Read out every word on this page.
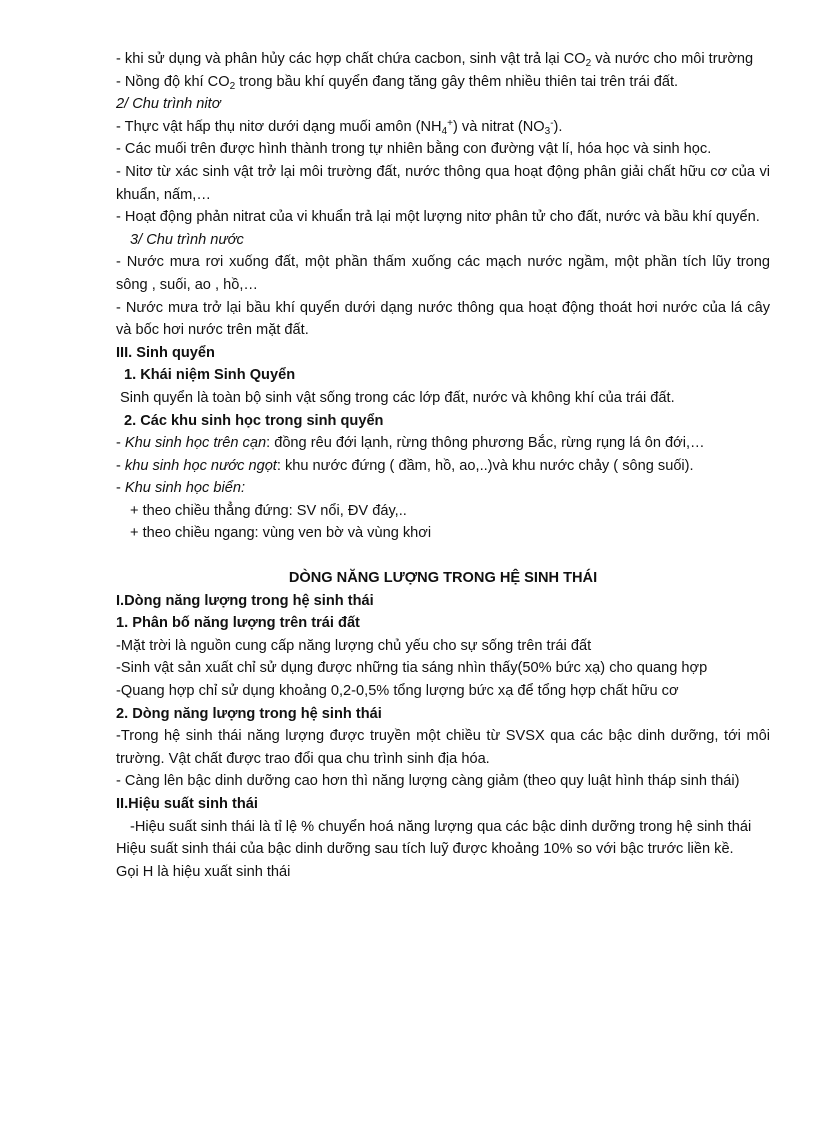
- khi sử dụng và phân hủy các hợp chất chứa cacbon, sinh vật trả lại $CO_2$ và nước cho môi trường

- Nồng độ khí $CO_2$ trong bầu khí quyển đang tăng gây thêm nhiều thiên tai trên trái đất.

2/ Chu trình nitơ

- Thực vật hấp thụ nitơ dưới dạng muối amôn $(NH_4^+)$ và nitrat $(NO_3^-)$.

- Các muối trên được hình thành trong tự nhiên bằng con đường vật lí, hóa học và sinh học.

- Nitơ từ xác sinh vật trở lại môi trường đất, nước thông qua hoạt động phân giải chất hữu cơ của vi khuẩn, nấm,…

- Hoạt động phản nitrat của vi khuẩn trả lại một lượng nitơ phân tử cho đất, nước và bầu khí quyển.

3/ Chu trình nước

- Nước mưa rơi xuống đất, một phần thấm xuống các mạch nước ngầm, một phần tích lũy trong sông , suối, ao , hồ,…

- Nước mưa trở lại bầu khí quyển dưới dạng nước thông qua hoạt động thoát hơi nước của lá cây và bốc hơi nước trên mặt đất.

III. Sinh quyển

1. Khái niệm Sinh Quyển

Sinh quyển là toàn bộ sinh vật sống trong các lớp đất, nước và không khí của trái đất.

2. Các khu sinh học trong sinh quyển

- Khu sinh học trên cạn: đồng rêu đới lạnh, rừng thông phương Bắc, rừng rụng lá ôn đới,…

- khu sinh học nước ngọt: khu nước đứng ( đầm, hồ, ao,..)và khu nước chảy ( sông suối).

- Khu sinh học biển:

+ theo chiều thẳng đứng: SV nổi, ĐV đáy,..

+ theo chiều ngang: vùng ven bờ và vùng khơi

DÒNG NĂNG LƯỢNG TRONG HỆ SINH THÁI

I.Dòng năng lượng trong hệ sinh thái

1. Phân bố năng lượng trên trái đất

-Mặt trời là nguồn cung cấp năng lượng chủ yếu cho sự sống trên trái đất

-Sinh vật sản xuất chỉ sử dụng được những tia sáng nhìn thấy(50% bức xạ) cho quang hợp

-Quang hợp chỉ sử dụng khoảng 0,2-0,5% tổng lượng bức xạ để tổng hợp chất hữu cơ

2. Dòng năng lượng trong hệ sinh thái

-Trong hệ sinh thái năng lượng được truyền một chiều từ SVSX qua các bậc dinh dưỡng, tới môi trường. Vật chất được trao đổi qua chu trình sinh địa hóa.

- Càng lên bậc dinh dưỡng cao hơn thì năng lượng càng giảm (theo quy luật hình tháp sinh thái)

II.Hiệu suất sinh thái

-Hiệu suất sinh thái là tỉ lệ % chuyển hoá năng lượng qua các bậc dinh dưỡng trong hệ sinh thái

Hiệu suất sinh thái của bậc dinh dưỡng sau tích luỹ được khoảng 10% so với bậc trước liền kề.

Gọi H là hiệu xuất sinh thái
